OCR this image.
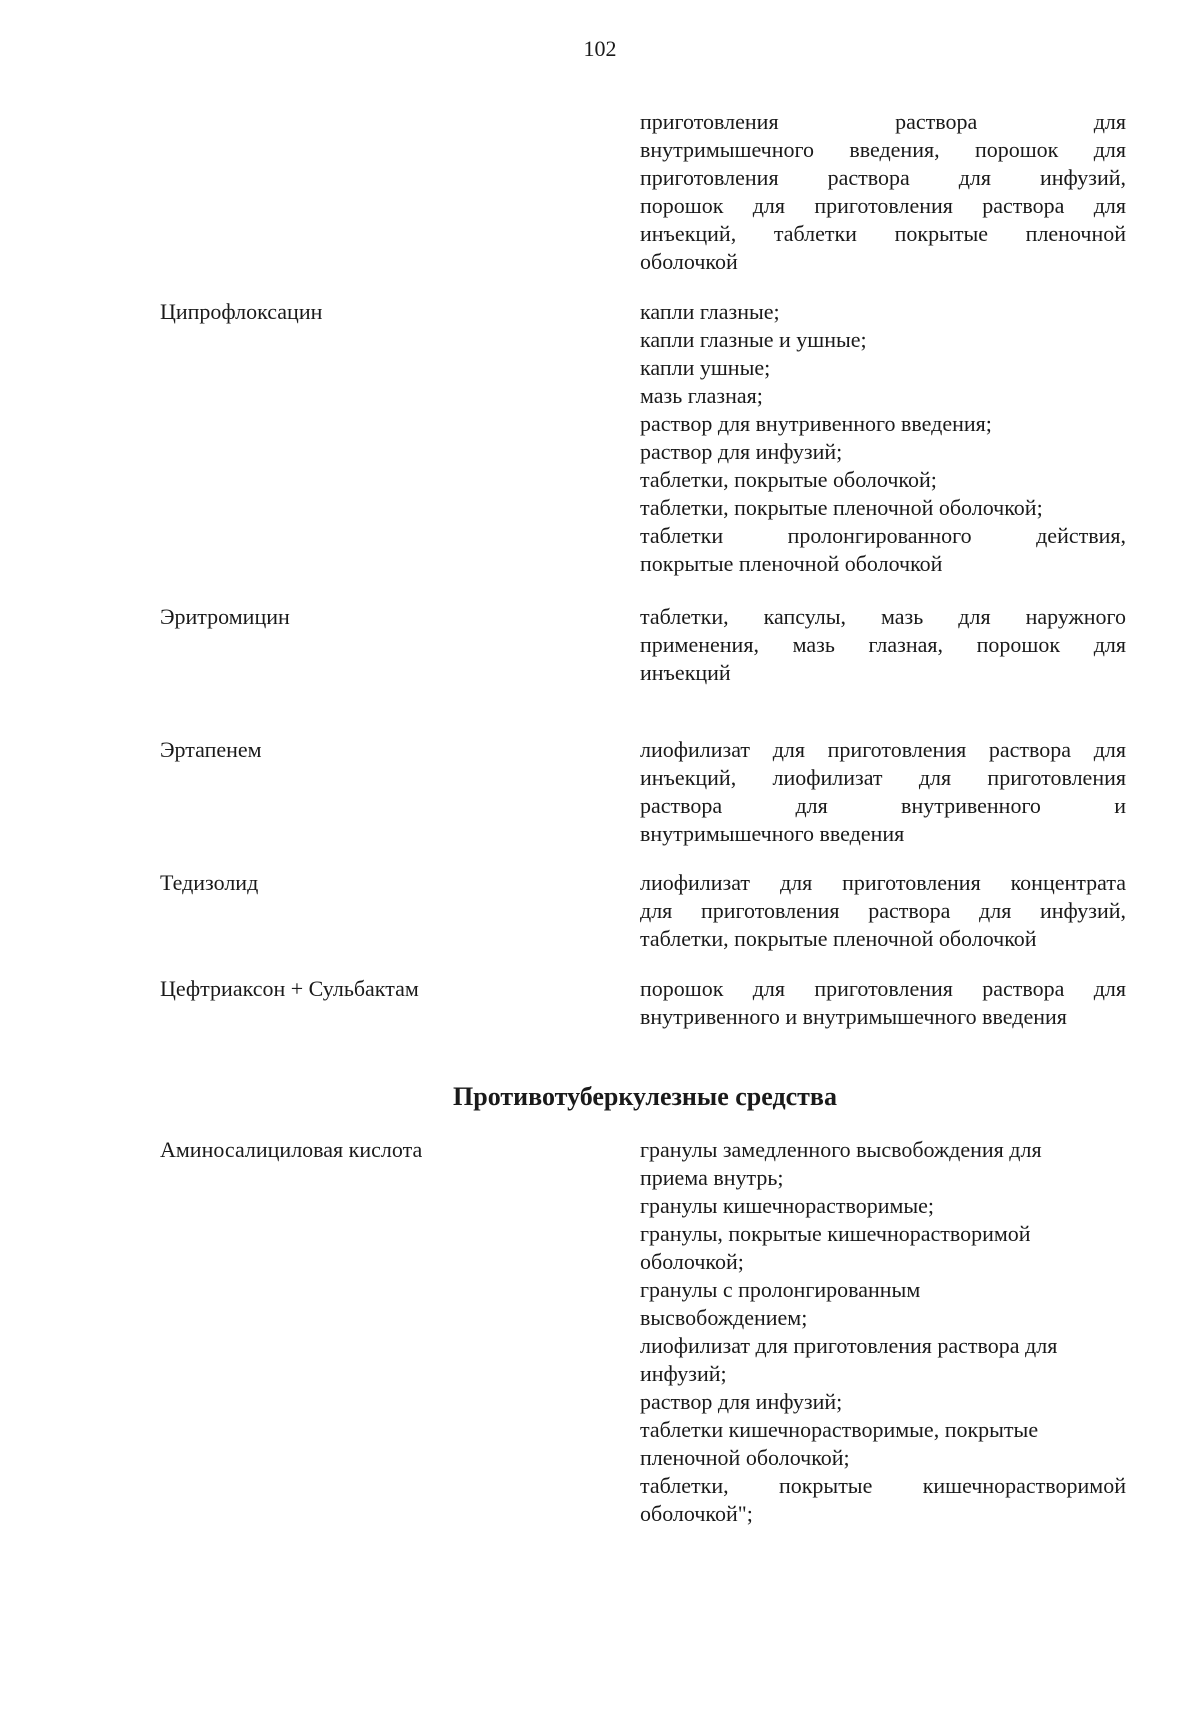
102
приготовления раствора для
внутримышечного введения, порошок для
приготовления раствора для инфузий,
порошок для приготовления раствора для
инъекций, таблетки покрытые пленочной
оболочкой
Ципрофлоксацин	капли глазные;
капли глазные и ушные;
капли ушные;
мазь глазная;
раствор для внутривенного введения;
раствор для инфузий;
таблетки, покрытые оболочкой;
таблетки, покрытые пленочной оболочкой;
таблетки пролонгированного действия,
покрытые пленочной оболочкой
Эритромицин	таблетки, капсулы, мазь для наружного
применения, мазь глазная, порошок для
инъекций
Эртапенем	лиофилизат для приготовления раствора для
инъекций, лиофилизат для приготовления
раствора для внутривенного и
внутримышечного введения
Тедизолид	лиофилизат для приготовления концентрата
для приготовления раствора для инфузий,
таблетки, покрытые пленочной оболочкой
Цефтриаксон + Сульбактам	порошок для приготовления раствора для
внутривенного и внутримышечного введения
Противотуберкулезные средства
Аминосалициловая кислота	гранулы замедленного высвобождения для
приема внутрь;
гранулы кишечнорастворимые;
гранулы, покрытые кишечнорастворимой
оболочкой;
гранулы с пролонгированным
высвобождением;
лиофилизат для приготовления раствора для
инфузий;
раствор для инфузий;
таблетки кишечнорастворимые, покрытые
пленочной оболочкой;
таблетки, покрытые кишечнорастворимой
оболочкой";
